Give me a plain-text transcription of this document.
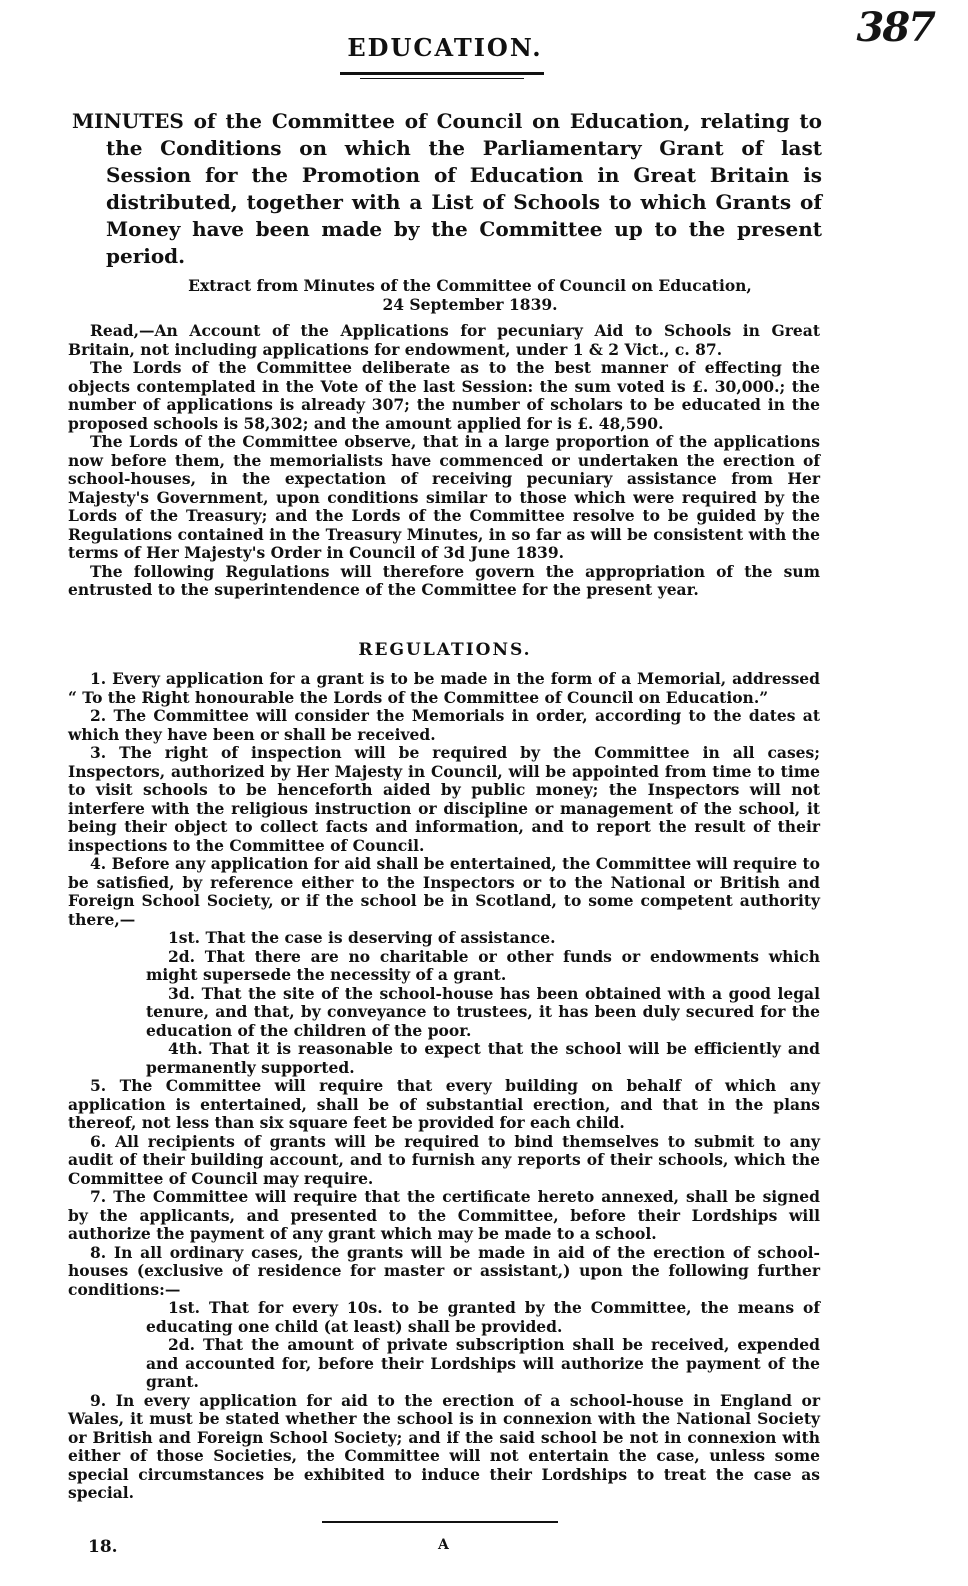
387
EDUCATION.

MINUTES of the Committee of Council on Education, relating to the Conditions on which the Parliamentary Grant of last Session for the Promotion of Education in Great Britain is distributed, together with a List of Schools to which Grants of Money have been made by the Committee up to the present period.

Extract from Minutes of the Committee of Council on Education,
24 September 1839.

Read,—An Account of the Applications for pecuniary Aid to Schools in Great Britain, not including applications for endowment, under 1 & 2 Vict., c. 87.

The Lords of the Committee deliberate as to the best manner of effecting the objects contemplated in the Vote of the last Session: the sum voted is £. 30,000.; the number of applications is already 307; the number of scholars to be educated in the proposed schools is 58,302; and the amount applied for is £. 48,590.

The Lords of the Committee observe, that in a large proportion of the applications now before them, the memorialists have commenced or undertaken the erection of school-houses, in the expectation of receiving pecuniary assistance from Her Majesty's Government, upon conditions similar to those which were required by the Lords of the Treasury; and the Lords of the Committee resolve to be guided by the Regulations contained in the Treasury Minutes, in so far as will be consistent with the terms of Her Majesty's Order in Council of 3d June 1839.

The following Regulations will therefore govern the appropriation of the sum entrusted to the superintendence of the Committee for the present year.

REGULATIONS.

1. Every application for a grant is to be made in the form of a Memorial, addressed “ To the Right honourable the Lords of the Committee of Council on Education.”

2. The Committee will consider the Memorials in order, according to the dates at which they have been or shall be received.

3. The right of inspection will be required by the Committee in all cases; Inspectors, authorized by Her Majesty in Council, will be appointed from time to time to visit schools to be henceforth aided by public money; the Inspectors will not interfere with the religious instruction or discipline or management of the school, it being their object to collect facts and information, and to report the result of their inspections to the Committee of Council.

4. Before any application for aid shall be entertained, the Committee will require to be satisfied, by reference either to the Inspectors or to the National or British and Foreign School Society, or if the school be in Scotland, to some competent authority there,—

1st. That the case is deserving of assistance.

2d. That there are no charitable or other funds or endowments which might supersede the necessity of a grant.

3d. That the site of the school-house has been obtained with a good legal tenure, and that, by conveyance to trustees, it has been duly secured for the education of the children of the poor.

4th. That it is reasonable to expect that the school will be efficiently and permanently supported.

5. The Committee will require that every building on behalf of which any application is entertained, shall be of substantial erection, and that in the plans thereof, not less than six square feet be provided for each child.

6. All recipients of grants will be required to bind themselves to submit to any audit of their building account, and to furnish any reports of their schools, which the Committee of Council may require.

7. The Committee will require that the certificate hereto annexed, shall be signed by the applicants, and presented to the Committee, before their Lordships will authorize the payment of any grant which may be made to a school.

8. In all ordinary cases, the grants will be made in aid of the erection of school-houses (exclusive of residence for master or assistant,) upon the following further conditions:—

1st. That for every 10s. to be granted by the Committee, the means of educating one child (at least) shall be provided.

2d. That the amount of private subscription shall be received, expended and accounted for, before their Lordships will authorize the payment of the grant.

9. In every application for aid to the erection of a school-house in England or Wales, it must be stated whether the school is in connexion with the National Society or British and Foreign School Society; and if the said school be not in connexion with either of those Societies, the Committee will not entertain the case, unless some special circumstances be exhibited to induce their Lordships to treat the case as special.

18.	A
